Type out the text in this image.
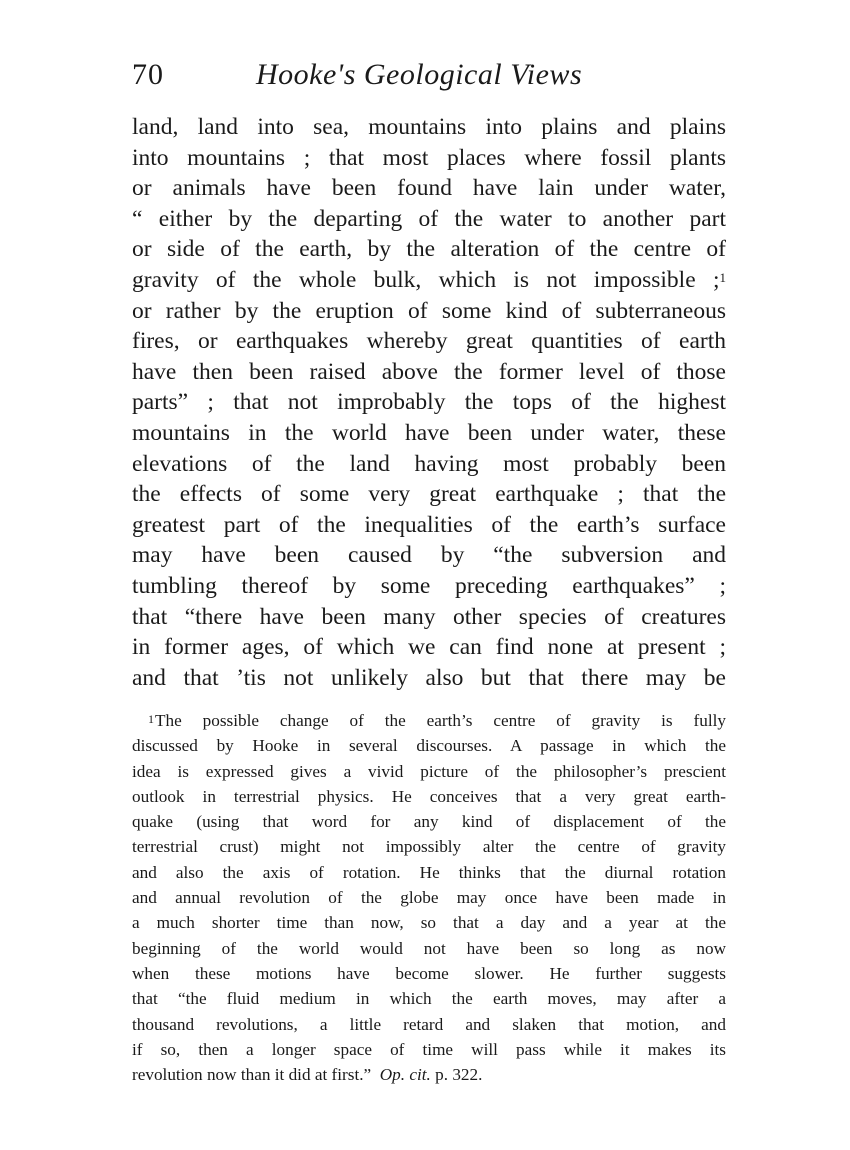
70	Hooke's Geological Views
land, land into sea, mountains into plains and plains
into mountains ; that most places where fossil plants
or animals have been found have lain under water,
“ either by the departing of the water to another part
or side of the earth, by the alteration of the centre of
gravity of the whole bulk, which is not impossible ;$^1$
or rather by the eruption of some kind of subterraneous
fires, or earthquakes whereby great quantities of earth
have then been raised above the former level of those
parts” ; that not improbably the tops of the highest
mountains in the world have been under water, these
elevations of the land having most probably been
the effects of some very great earthquake ; that the
greatest part of the inequalities of the earth’s surface
may have been caused by “the subversion and
tumbling thereof by some preceding earthquakes” ;
that “there have been many other species of creatures
in former ages, of which we can find none at present ;
and that ’tis not unlikely also but that there may be
$^1$The possible change of the earth’s centre of gravity is fully
discussed by Hooke in several discourses. A passage in which the
idea is expressed gives a vivid picture of the philosopher’s prescient
outlook in terrestrial physics. He conceives that a very great earth-
quake (using that word for any kind of displacement of the
terrestrial crust) might not impossibly alter the centre of gravity
and also the axis of rotation. He thinks that the diurnal rotation
and annual revolution of the globe may once have been made in
a much shorter time than now, so that a day and a year at the
beginning of the world would not have been so long as now
when these motions have become slower. He further suggests
that “the fluid medium in which the earth moves, may after a
thousand revolutions, a little retard and slaken that motion, and
if so, then a longer space of time will pass while it makes its
revolution now than it did at first.” Op. cit. p. 322.
